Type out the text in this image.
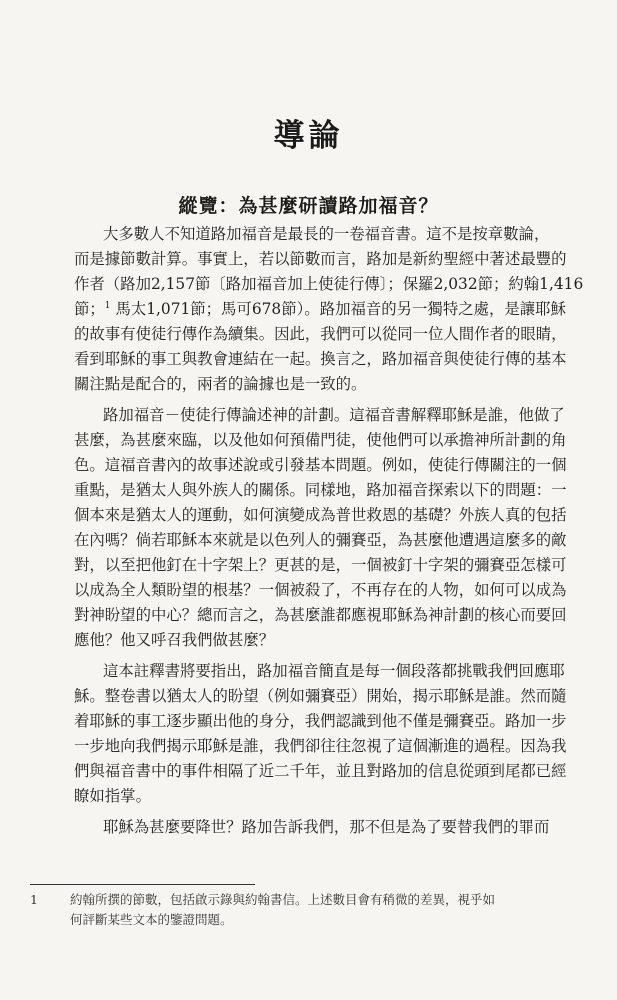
導論
縱覽：為甚麼研讀路加福音？
大多數人不知道路加福音是最長的一卷福音書。這不是按章數論，
而是據節數計算。事實上，若以節數而言，路加是新約聖經中著述最豐的
作者（路加2,157節〔路加福音加上使徒行傳〕；保羅2,032節；約翰1,416
節；$^1$ 馬太1,071節；馬可678節）。路加福音的另一獨特之處，是讓耶穌
的故事有使徒行傳作為續集。因此，我們可以從同一位人間作者的眼睛，
看到耶穌的事工與教會連結在一起。換言之，路加福音與使徒行傳的基本
關注點是配合的，兩者的論據也是一致的。
路加福音－使徒行傳論述神的計劃。這福音書解釋耶穌是誰，他做了
甚麼，為甚麼來臨，以及他如何預備門徒，使他們可以承擔神所計劃的角
色。這福音書內的故事述說或引發基本問題。例如，使徒行傳關注的一個
重點，是猶太人與外族人的關係。同樣地，路加福音探索以下的問題：一
個本來是猶太人的運動，如何演變成為普世救恩的基礎？外族人真的包括
在內嗎？倘若耶穌本來就是以色列人的彌賽亞，為甚麼他遭遇這麼多的敵
對，以至把他釘在十字架上？更甚的是，一個被釘十字架的彌賽亞怎樣可
以成為全人類盼望的根基？一個被殺了，不再存在的人物，如何可以成為
對神盼望的中心？總而言之，為甚麼誰都應視耶穌為神計劃的核心而要回
應他？他又呼召我們做甚麼？
這本註釋書將要指出，路加福音簡直是每一個段落都挑戰我們回應耶
穌。整卷書以猶太人的盼望（例如彌賽亞）開始，揭示耶穌是誰。然而隨
着耶穌的事工逐步顯出他的身分，我們認識到他不僅是彌賽亞。路加一步
一步地向我們揭示耶穌是誰，我們卻往往忽視了這個漸進的過程。因為我
們與福音書中的事件相隔了近二千年，並且對路加的信息從頭到尾都已經
瞭如指掌。
耶穌為甚麼要降世？路加告訴我們，那不但是為了要替我們的罪而
1	約翰所撰的節數，包括啟示錄與約翰書信。上述數目會有稍微的差異，視乎如
何評斷某些文本的鑒證問題。
